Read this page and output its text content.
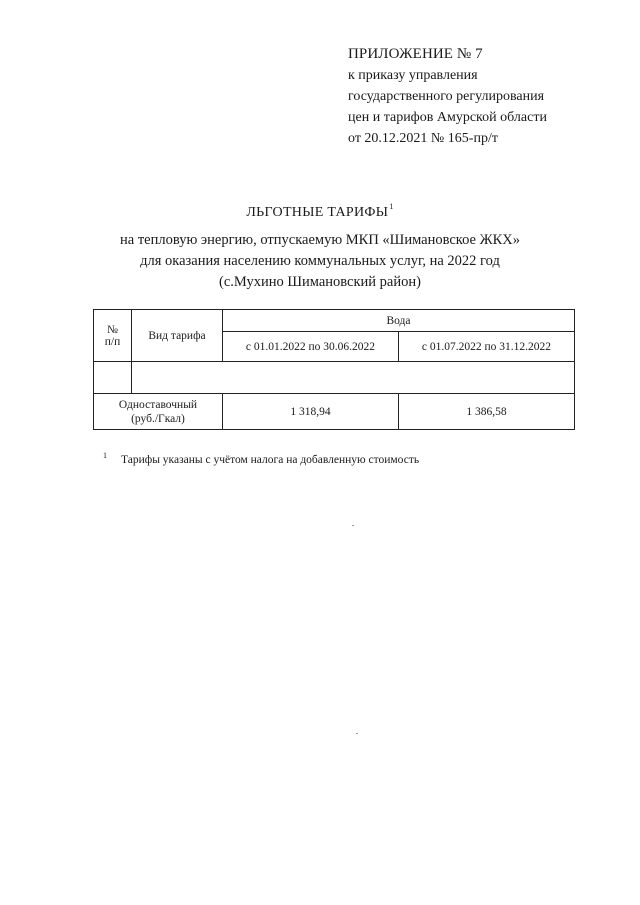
ПРИЛОЖЕНИЕ № 7
к приказу управления
государственного регулирования
цен и тарифов Амурской области
от 20.12.2021 № 165-пр/т
ЛЬГОТНЫЕ ТАРИФЫ$^1$
на тепловую энергию, отпускаемую МКП «Шимановское ЖКХ»
для оказания населению коммунальных услуг, на 2022 год
(с.Мухино Шимановский район)
№
п/п	Вид тарифа	Вода	
		с 01.01.2022 по 30.06.2022	с 01.07.2022 по 31.12.2022

Одноставочный
(руб./Гкал)		1 318,94	1 386,58
$^1$ Тарифы указаны с учётом налога на добавленную стоимость
